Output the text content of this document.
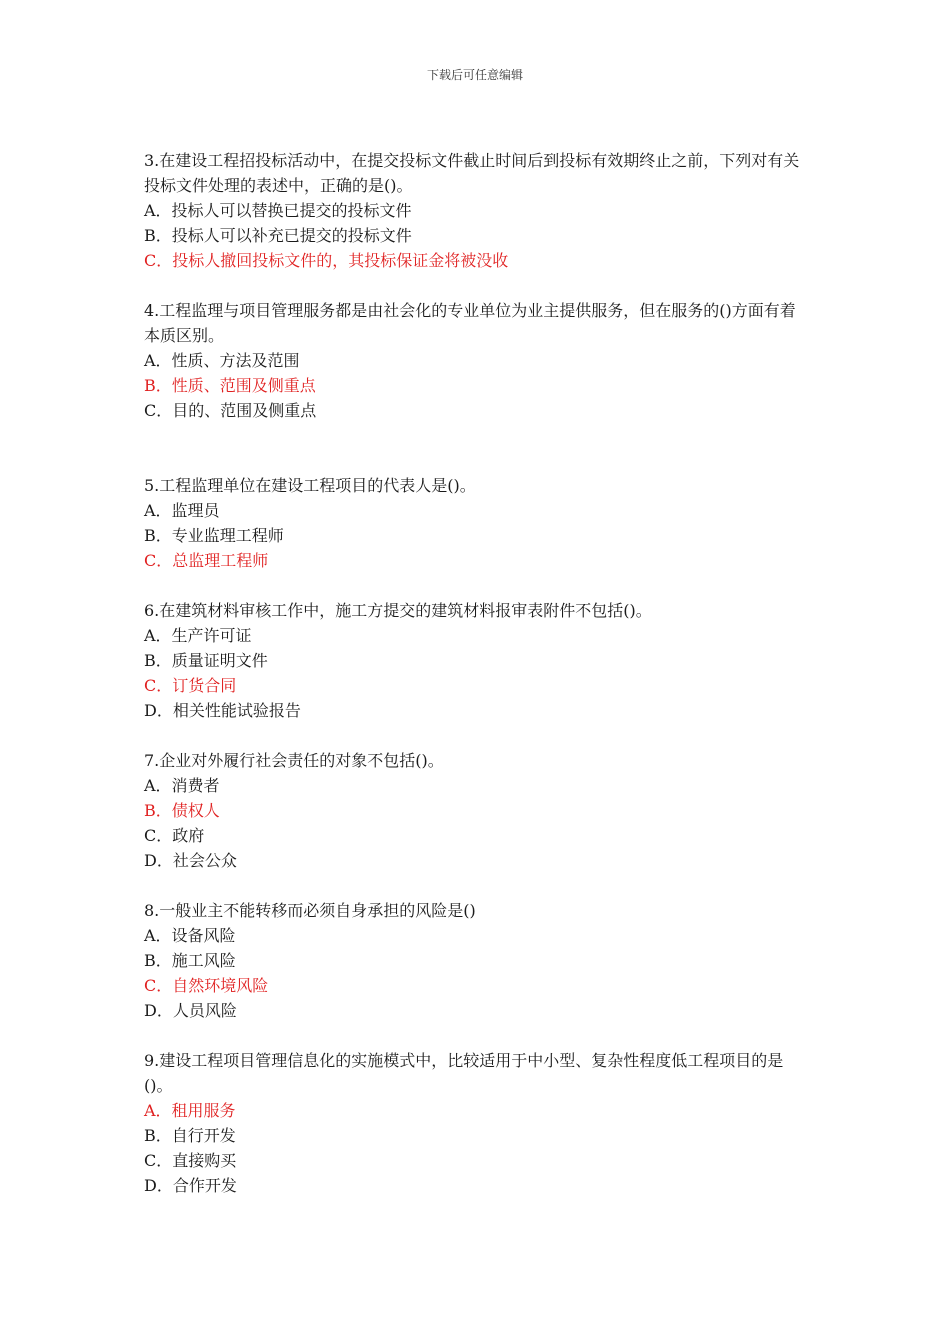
下载后可任意编辑

3.在建设工程招投标活动中，在提交投标文件截止时间后到投标有效期终止之前，下列对有关投标文件处理的表述中，正确的是()。

A．投标人可以替换已提交的投标文件

B．投标人可以补充已提交的投标文件

C．投标人撤回投标文件的，其投标保证金将被没收

4.工程监理与项目管理服务都是由社会化的专业单位为业主提供服务，但在服务的()方面有着本质区别。

A．性质、方法及范围

B．性质、范围及侧重点

C．目的、范围及侧重点

5.工程监理单位在建设工程项目的代表人是()。

A．监理员

B．专业监理工程师

C．总监理工程师

6.在建筑材料审核工作中，施工方提交的建筑材料报审表附件不包括()。

A．生产许可证

B．质量证明文件

C．订货合同

D．相关性能试验报告

7.企业对外履行社会责任的对象不包括()。

A．消费者

B．债权人

C．政府

D．社会公众

8.一般业主不能转移而必须自身承担的风险是()

A．设备风险

B．施工风险

C．自然环境风险

D．人员风险

9.建设工程项目管理信息化的实施模式中，比较适用于中小型、复杂性程度低工程项目的是()。

A．租用服务

B．自行开发

C．直接购买

D．合作开发
